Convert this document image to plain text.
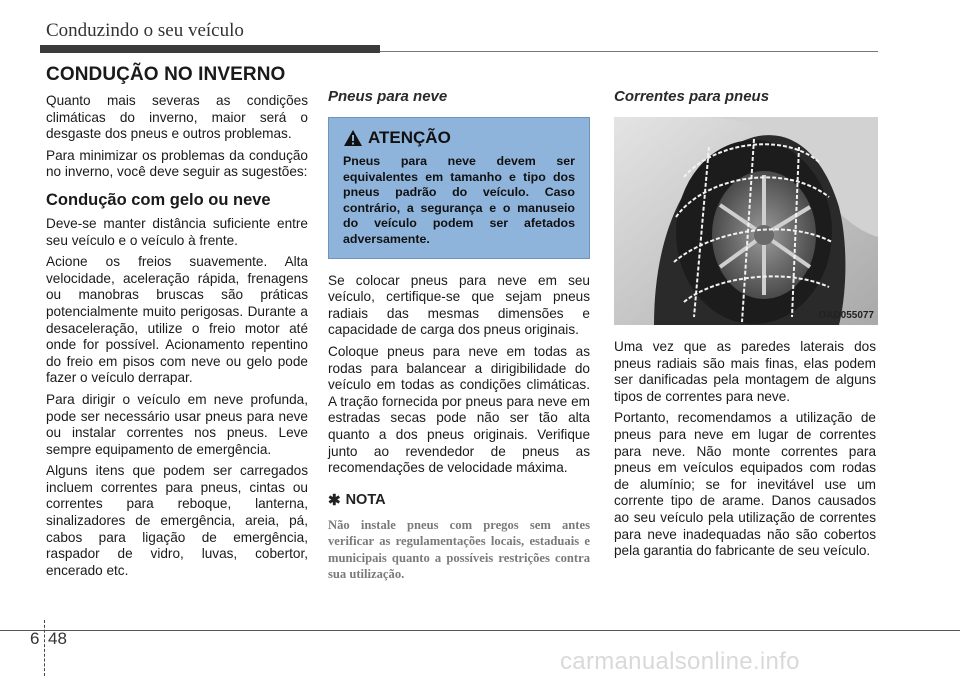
Conduzindo o seu veículo
CONDUÇÃO NO INVERNO

Quanto mais severas as condições climáticas do inverno, maior será o desgaste dos pneus e outros problemas.

Para minimizar os problemas da condução no inverno, você deve seguir as sugestões:

Condução com gelo ou neve

Deve-se manter distância suficiente entre seu veículo e o veículo à frente.

Acione os freios suavemente. Alta velocidade, aceleração rápida, frenagens ou manobras bruscas são práticas potencialmente muito perigosas. Durante a desaceleração, utilize o freio motor até onde for possível. Acionamento repentino do freio em pisos com neve ou gelo pode fazer o veículo derrapar.

Para dirigir o veículo em neve profunda, pode ser necessário usar pneus para neve ou instalar correntes nos pneus. Leve sempre equipamento de emergência.

Alguns itens que podem ser carregados incluem correntes para pneus, cintas ou correntes para reboque, lanterna, sinalizadores de emergência, areia, pá, cabos para ligação de emergência, raspador de vidro, luvas, cobertor, encerado etc.

Pneus para neve
ATENÇÃO
Pneus para neve devem ser equivalentes em tamanho e tipo dos pneus padrão do veículo. Caso contrário, a segurança e o manuseio do veículo podem ser afetados adversamente.

Se colocar pneus para neve em seu veículo, certifique-se que sejam pneus radiais das mesmas dimensões e capacidade de carga dos pneus originais.

Coloque pneus para neve em todas as rodas para balancear a dirigibilidade do veículo em todas as condições climáticas. A tração fornecida por pneus para neve em estradas secas pode não ser tão alta quanto a dos pneus originais. Verifique junto ao revendedor de pneus as recomendações de velocidade máxima.

✱ NOTA

Não instale pneus com pregos sem antes verificar as regulamentações locais, estaduais e municipais quanto a possíveis restrições contra sua utilização.

Correntes para pneus
OAD055077

Uma vez que as paredes laterais dos pneus radiais são mais finas, elas podem ser danificadas pela montagem de alguns tipos de correntes para neve.

Portanto, recomendamos a utilização de pneus para neve em lugar de correntes para neve. Não monte correntes para pneus em veículos equipados com rodas de alumínio; se for inevitável use um corrente tipo de arame. Danos causados ao seu veículo pela utilização de correntes para neve inadequadas não são cobertos pela garantia do fabricante de seu veículo.

6 48
carmanualsonline.info
